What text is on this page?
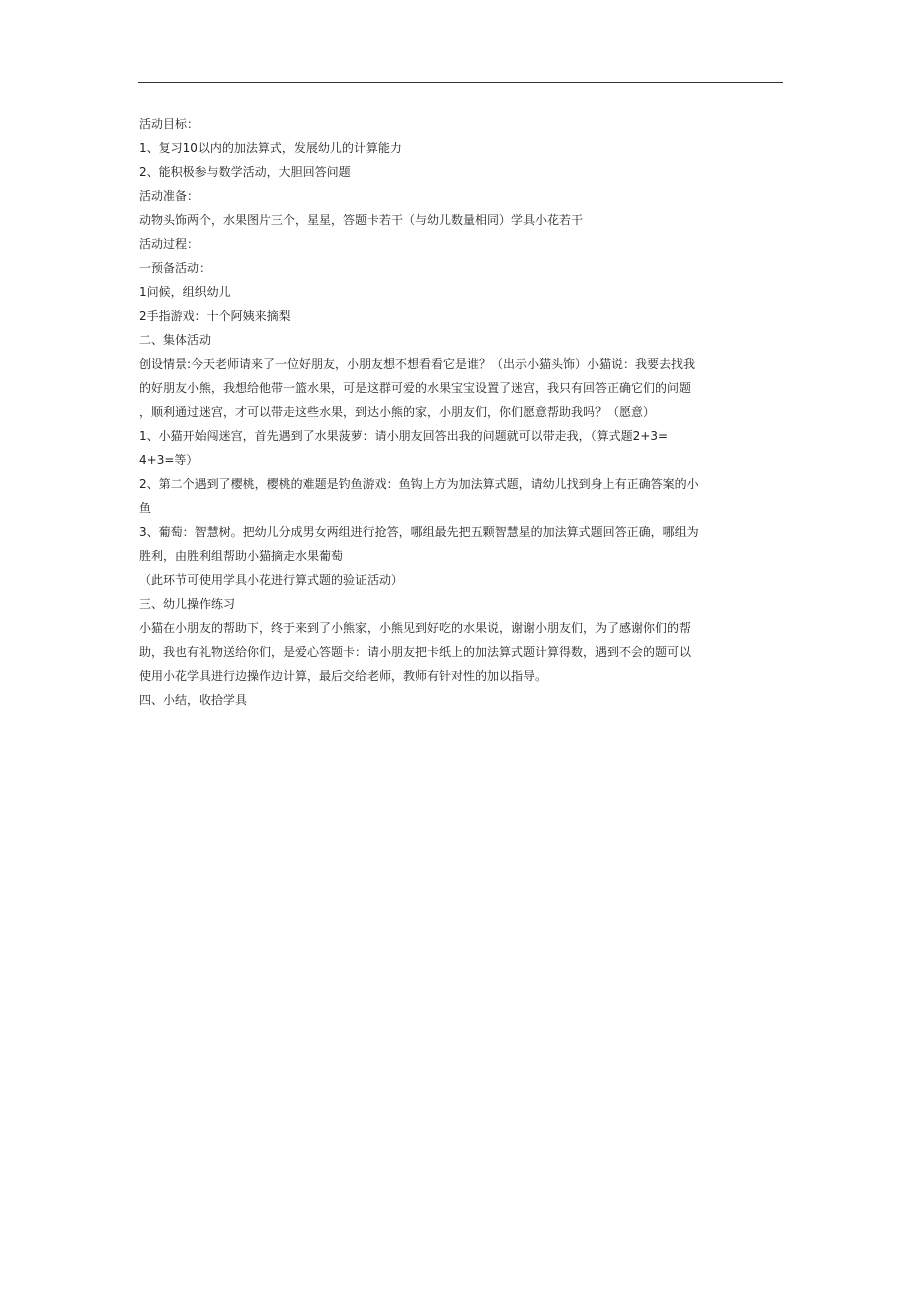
活动目标：
1、复习10以内的加法算式，发展幼儿的计算能力
2、能积极参与数学活动，大胆回答问题
活动准备：
动物头饰两个，水果图片三个，星星，答题卡若干（与幼儿数量相同）学具小花若干
活动过程：
一预备活动：
1问候，组织幼儿
2手指游戏：十个阿姨来摘梨
二、集体活动
创设情景:今天老师请来了一位好朋友，小朋友想不想看看它是谁？（出示小猫头饰）小猫说：我要去找我
的好朋友小熊，我想给他带一篮水果，可是这群可爱的水果宝宝设置了迷宫，我只有回答正确它们的问题
，顺利通过迷宫，才可以带走这些水果，到达小熊的家，小朋友们，你们愿意帮助我吗？（愿意）
1、小猫开始闯迷宫，首先遇到了水果菠萝：请小朋友回答出我的问题就可以带走我，（算式题2+3=
4+3=等）
2、第二个遇到了樱桃，樱桃的难题是钓鱼游戏：鱼钩上方为加法算式题，请幼儿找到身上有正确答案的小
鱼
3、葡萄：智慧树。把幼儿分成男女两组进行抢答，哪组最先把五颗智慧星的加法算式题回答正确，哪组为
胜利，由胜利组帮助小猫摘走水果葡萄
（此环节可使用学具小花进行算式题的验证活动）
三、幼儿操作练习
小猫在小朋友的帮助下，终于来到了小熊家，小熊见到好吃的水果说，谢谢小朋友们，为了感谢你们的帮
助，我也有礼物送给你们，是爱心答题卡：请小朋友把卡纸上的加法算式题计算得数，遇到不会的题可以
使用小花学具进行边操作边计算，最后交给老师，教师有针对性的加以指导。
四、小结，收拾学具
